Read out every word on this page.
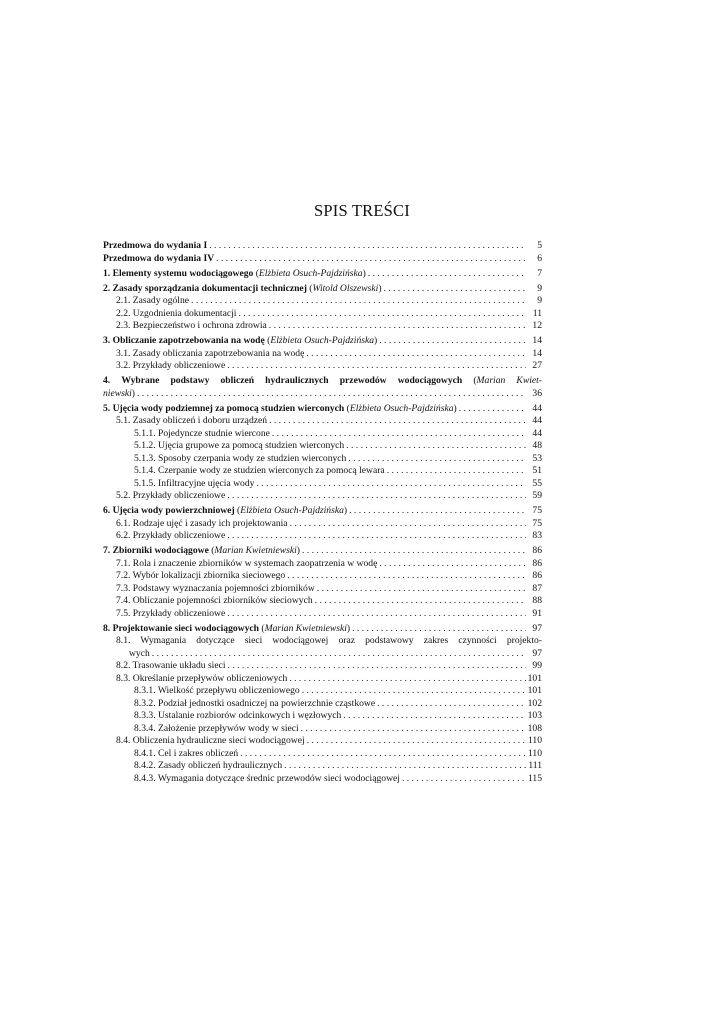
SPIS TREŚCI
Przedmowa do wydania I . . .	5
Przedmowa do wydania IV . . .	6
1. Elementy systemu wodociągowego (Elżbieta Osuch-Pajdzińska) . . .	7
2. Zasady sporządzania dokumentacji technicznej (Witold Olszewski) . . .	9
2.1. Zasady ogólne . . .	9
2.2. Uzgodnienia dokumentacji . . .	11
2.3. Bezpieczeństwo i ochrona zdrowia . . .	12
3. Obliczanie zapotrzebowania na wodę (Elżbieta Osuch-Pajdzińska) . . .	14
3.1. Zasady obliczania zapotrzebowania na wodę . . .	14
3.2. Przykłady obliczeniowe . . .	27
4. Wybrane podstawy obliczeń hydraulicznych przewodów wodociągowych (Marian Kwiet-
niewski) . . .	36
5. Ujęcia wody podziemnej za pomocą studzien wierconych (Elżbieta Osuch-Pajdzińska) . . .	44
5.1. Zasady obliczeń i doboru urządzeń . . .	44
5.1.1. Pojedyncze studnie wiercone . . .	44
5.1.2. Ujęcia grupowe za pomocą studzien wierconych . . .	48
5.1.3. Sposoby czerpania wody ze studzien wierconych . . .	53
5.1.4. Czerpanie wody ze studzien wierconych za pomocą lewara . . .	51
5.1.5. Infiltracyjne ujęcia wody . . .	55
5.2. Przykłady obliczeniowe . . .	59
6. Ujęcia wody powierzchniowej (Elżbieta Osuch-Pajdzińska) . . .	75
6.1. Rodzaje ujęć i zasady ich projektowania . . .	75
6.2. Przykłady obliczeniowe . . .	83
7. Zbiorniki wodociągowe (Marian Kwietniewski) . . .	86
7.1. Rola i znaczenie zbiorników w systemach zaopatrzenia w wodę . . .	86
7.2. Wybór lokalizacji zbiornika sieciowego . . .	86
7.3. Podstawy wyznaczania pojemności zbiorników . . .	87
7.4. Obliczanie pojemności zbiorników sieciowych . . .	88
7.5. Przykłady obliczeniowe . . .	91
8. Projektowanie sieci wodociągowych (Marian Kwietniewski) . . .	97
8.1. Wymagania dotyczące sieci wodociągowej oraz podstawowy zakres czynności projekto-
wych . . .	97
8.2. Trasowanie układu sieci . . .	99
8.3. Określanie przepływów obliczeniowych . . .	101
8.3.1. Wielkość przepływu obliczeniowego . . .	101
8.3.2. Podział jednostki osadniczej na powierzchnie cząstkowe . . .	102
8.3.3. Ustalanie rozbiorów odcinkowych i węzłowych . . .	103
8.3.4. Założenie przepływów wody w sieci . . .	108
8.4. Obliczenia hydrauliczne sieci wodociągowej . . .	110
8.4.1. Cel i zakres obliczeń . . .	110
8.4.2. Zasady obliczeń hydraulicznych . . .	111
8.4.3. Wymagania dotyczące średnic przewodów sieci wodociągowej . . .	115
